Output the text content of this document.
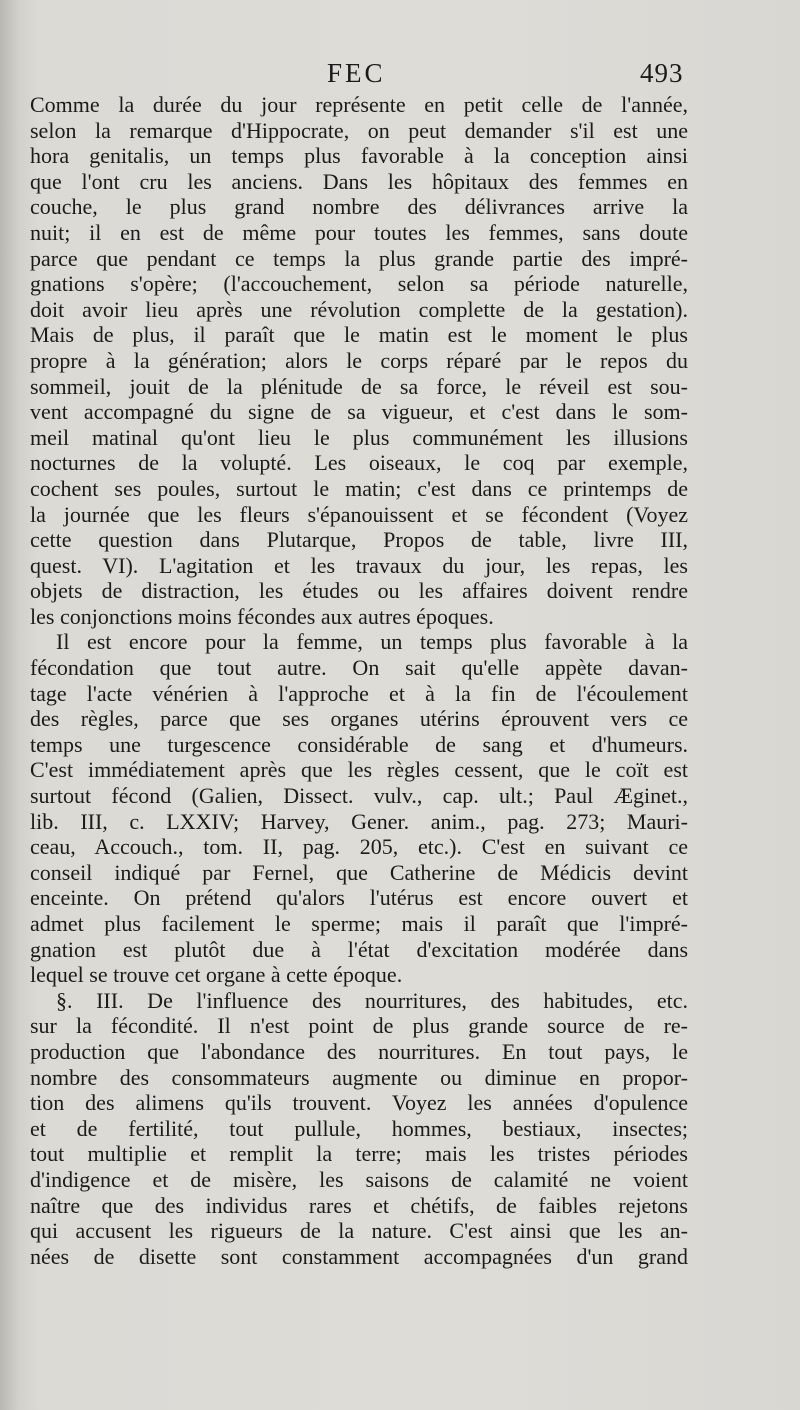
FEC	493
Comme la durée du jour représente en petit celle de l'année,
selon la remarque d'Hippocrate, on peut demander s'il est une
hora genitalis, un temps plus favorable à la conception ainsi
que l'ont cru les anciens. Dans les hôpitaux des femmes en
couche, le plus grand nombre des délivrances arrive la
nuit; il en est de même pour toutes les femmes, sans doute
parce que pendant ce temps la plus grande partie des impré-
gnations s'opère; (l'accouchement, selon sa période naturelle,
doit avoir lieu après une révolution complette de la gestation).
Mais de plus, il paraît que le matin est le moment le plus
propre à la génération; alors le corps réparé par le repos du
sommeil, jouit de la plénitude de sa force, le réveil est sou-
vent accompagné du signe de sa vigueur, et c'est dans le som-
meil matinal qu'ont lieu le plus communément les illusions
nocturnes de la volupté. Les oiseaux, le coq par exemple,
cochent ses poules, surtout le matin; c'est dans ce printemps de
la journée que les fleurs s'épanouissent et se fécondent (Voyez
cette question dans Plutarque, Propos de table, livre III,
quest. VI). L'agitation et les travaux du jour, les repas, les
objets de distraction, les études ou les affaires doivent rendre
les conjonctions moins fécondes aux autres époques.
Il est encore pour la femme, un temps plus favorable à la
fécondation que tout autre. On sait qu'elle appète davan-
tage l'acte vénérien à l'approche et à la fin de l'écoulement
des règles, parce que ses organes utérins éprouvent vers ce
temps une turgescence considérable de sang et d'humeurs.
C'est immédiatement après que les règles cessent, que le coït est
surtout fécond (Galien, Dissect. vulv., cap. ult.; Paul Æginet.,
lib. III, c. LXXIV; Harvey, Gener. anim., pag. 273; Mauri-
ceau, Accouch., tom. II, pag. 205, etc.). C'est en suivant ce
conseil indiqué par Fernel, que Catherine de Médicis devint
enceinte. On prétend qu'alors l'utérus est encore ouvert et
admet plus facilement le sperme; mais il paraît que l'impré-
gnation est plutôt due à l'état d'excitation modérée dans
lequel se trouve cet organe à cette époque.
§. III. De l'influence des nourritures, des habitudes, etc.
sur la fécondité. Il n'est point de plus grande source de re-
production que l'abondance des nourritures. En tout pays, le
nombre des consommateurs augmente ou diminue en propor-
tion des alimens qu'ils trouvent. Voyez les années d'opulence
et de fertilité, tout pullule, hommes, bestiaux, insectes;
tout multiplie et remplit la terre; mais les tristes périodes
d'indigence et de misère, les saisons de calamité ne voient
naître que des individus rares et chétifs, de faibles rejetons
qui accusent les rigueurs de la nature. C'est ainsi que les an-
nées de disette sont constamment accompagnées d'un grand
